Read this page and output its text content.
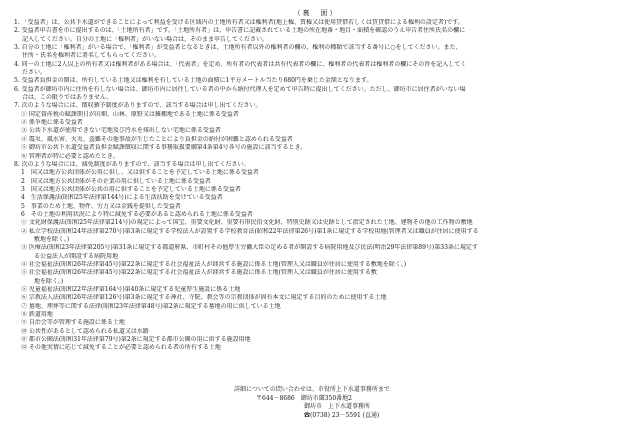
（裏　面）
1. 「受益者」は、公共下水道ができることによって利益を受ける区域内の土地所有者又は権利者(地上権、質権又は使用貸借若しくは賃貸借による権利の設定者)です。
2. 受益者申告書を市に提出するのは、「土地所有者」です。「土地所有者」は、申告書に記載されている土地の所在地番・地目・面積を確認のうえ申告者住所氏名の欄に
記入してください。自分の土地に「権利者」がいない場合は、そのまま申告してください。
3. 自分の土地に「権利者」がいる場合で、「権利者」が受益者となるときは、土地所有者以外の権利者の欄の、権利の種類で該当する番号に○をしてください。また、
住所・氏名を権利者に署名してもらってください。
4. 同一の土地に2人以上の所有者又は権利者がある場合は、「代表者」を定め、所有者の代表者は共有代表者の欄に、権利者の代表者は権利者の欄にその旨を記入してく
ださい。
5. 受益者負担金の額は、所有している土地又は権利を有している土地の面積に1平方メートル当たり680円を乗じた金額となります。
6. 受益者が御坊市内に住所を有しない場合は、御坊市内に居住している者の中から納付代理人を定めて申告時に提出してください。ただし、御坊市に居住者がいない場
合は、この限りではありません。
7. 次のような場合には、徴収猶予制度がありますので、該当する場合は申し出てください。
① 国定資産税の賦課期日が田畑、山林、原野又は雑種地である土地に係る受益者
② 係争地に係る受益者
③ 公共下水道が使用できない宅地及び汚水を排出しない宅地に係る受益者
④ 震災、風水害、火災、盗難その他事故が生じたことにより負担金の納付が困難と認められる受益者
⑤ 御坊市公共下水道受益者負担金賦課徴収に関する事務取扱要綱第4条第4号各号の施設に該当するとき。
⑥ 管理者が特に必要と認めたとき。
8. 次のような場合には、減免制度がありますので、該当する場合は申し出てください。
1　国又は地方公共団体が公用に供し、又は供することを予定している土地に係る受益者
2　国又は地方公共団体がその企業の用に供している土地に係る受益者
3　国又は地方公共団体が公共の用に供することを予定している土地に係る受益者
4　生活保護法(昭和25年法律第144号)による生活扶助を受けている受益者
5　事業のため土地、物件、労力又は金銭を提供した受益者
6　その土地の利用状況により特に減免する必要があると認められる土地に係る受益者
① 文化財保護法(昭和25年法律第214号)の規定によって国宝、重要文化財、重要有形民俗文化財、特別史跡又は史跡として指定された土地、建物その他の工作物の敷地
② 私立学校法(昭和24年法律第270号)第3条に規定する学校法人が設置する学校教育法(昭和22年法律第26号)第1条に規定する学校用地(管理者又は職員が住居に使用する
敷地を除く。)
③ 医療法(昭和23年法律第205号)第31条に規定する都道府県、市町村その他厚生労働大臣の定める者が開設する病院用地及び民法(明治29年法律第89号)第33条に規定す
る公益法人が開設する病院用地
④ 社会福祉法(昭和26年法律第45号)第22条に規定する社会福祉法人が経営する施設に係る土地(管理人又は職員が住居に使用する敷地を除く。)
⑤ 社会福祉法(昭和26年法律第45号)第22条に規定する社会福祉法人が経営する施設に係る土地(管理人又は職員が住居に使用する敷
地を除く。)
⑤ 児童福祉法(昭和22年法律第164号)第40条に規定する児童厚生施設に係る土地
⑥ 宗教法人法(昭和26年法律第126号)第3条に規定する神社、寺院、教会等の宗教団体が固有本文に規定する目的のために使用する土地
⑦ 墓地、埋葬等に関する法律(昭和23年法律第48号)第2条に規定する墓地の用に供している土地
⑧ 鉄道用地
⑨ 自治会等が管理する施設に係る土地
⑩ 公共性があるとして認められる私道又は水路
⑪ 都市公園法(昭和31年法律第79号)第2条に規定する都市公園の用に供する施設用地
⑫ その他実情に応じて減免することが必要と認められる者の所有する土地
詳細についての問い合わせは、市役所上下水道事務所まで
〒644－8686　御坊市薗350番地2
御坊市　上下水道事務所
☎(0738) 23－5591 (直通)
